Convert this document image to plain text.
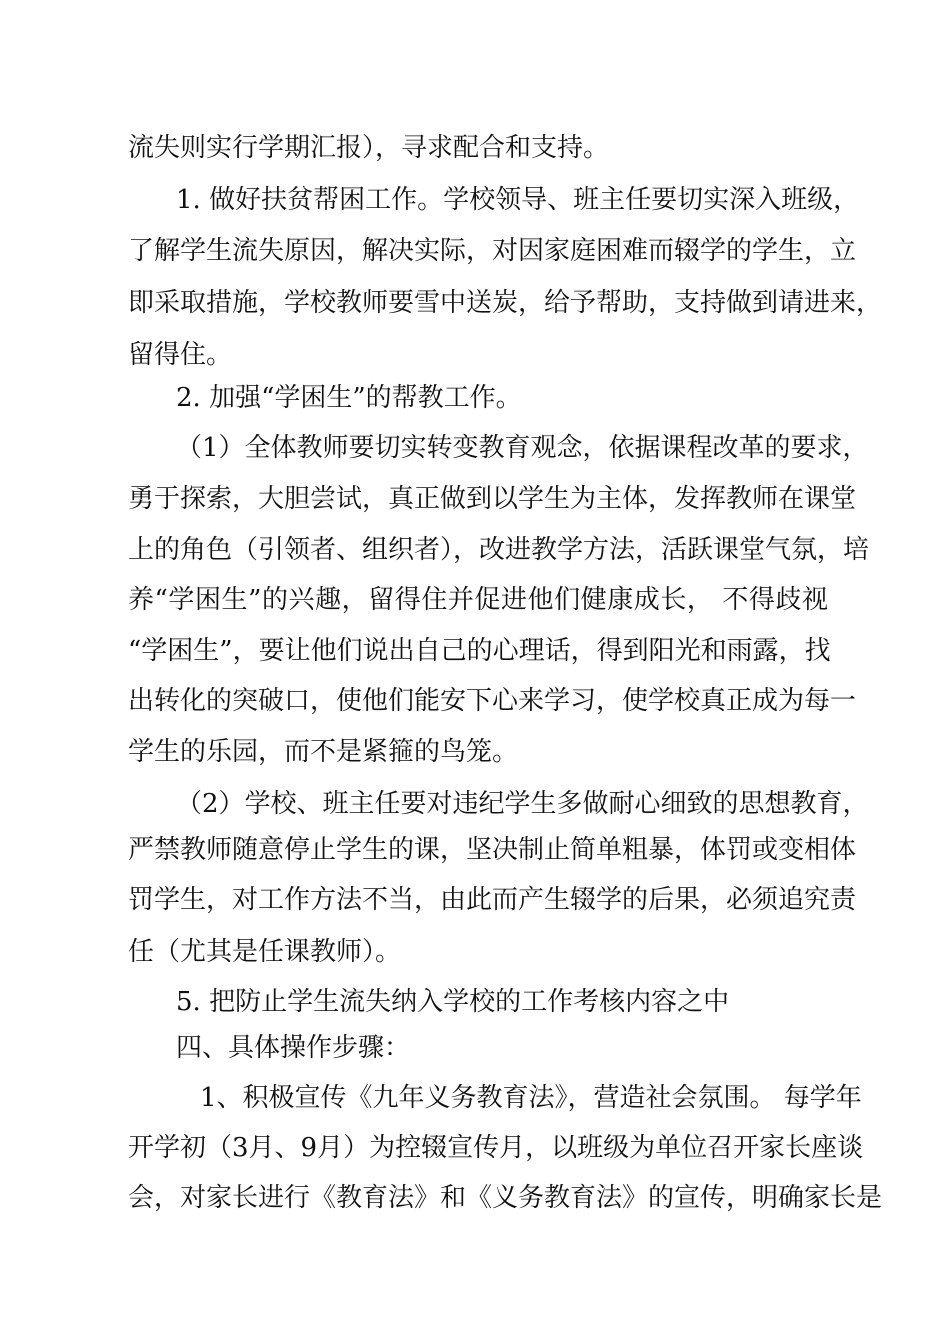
流失则实行学期汇报），寻求配合和支持。
1. 做好扶贫帮困工作。学校领导、班主任要切实深入班级，
了解学生流失原因，解决实际，对因家庭困难而辍学的学生，立
即采取措施，学校教师要雪中送炭，给予帮助，支持做到请进来，
留得住。
2. 加强“学困生”的帮教工作。
（1）全体教师要切实转变教育观念，依据课程改革的要求，
勇于探索，大胆尝试，真正做到以学生为主体，发挥教师在课堂
上的角色（引领者、组织者），改进教学方法，活跃课堂气氛，培
养“学困生”的兴趣，留得住并促进他们健康成长， 不得歧视
“学困生”，要让他们说出自己的心理话，得到阳光和雨露，找
出转化的突破口，使他们能安下心来学习，使学校真正成为每一
学生的乐园，而不是紧箍的鸟笼。
（2）学校、班主任要对违纪学生多做耐心细致的思想教育，
严禁教师随意停止学生的课，坚决制止简单粗暴，体罚或变相体
罚学生，对工作方法不当，由此而产生辍学的后果，必须追究责
任（尤其是任课教师）。
5. 把防止学生流失纳入学校的工作考核内容之中
四、具体操作步骤：
1、积极宣传《九年义务教育法》，营造社会氛围。 每学年
开学初（3月、9月）为控辍宣传月，以班级为单位召开家长座谈
会，对家长进行《教育法》和《义务教育法》的宣传，明确家长是
